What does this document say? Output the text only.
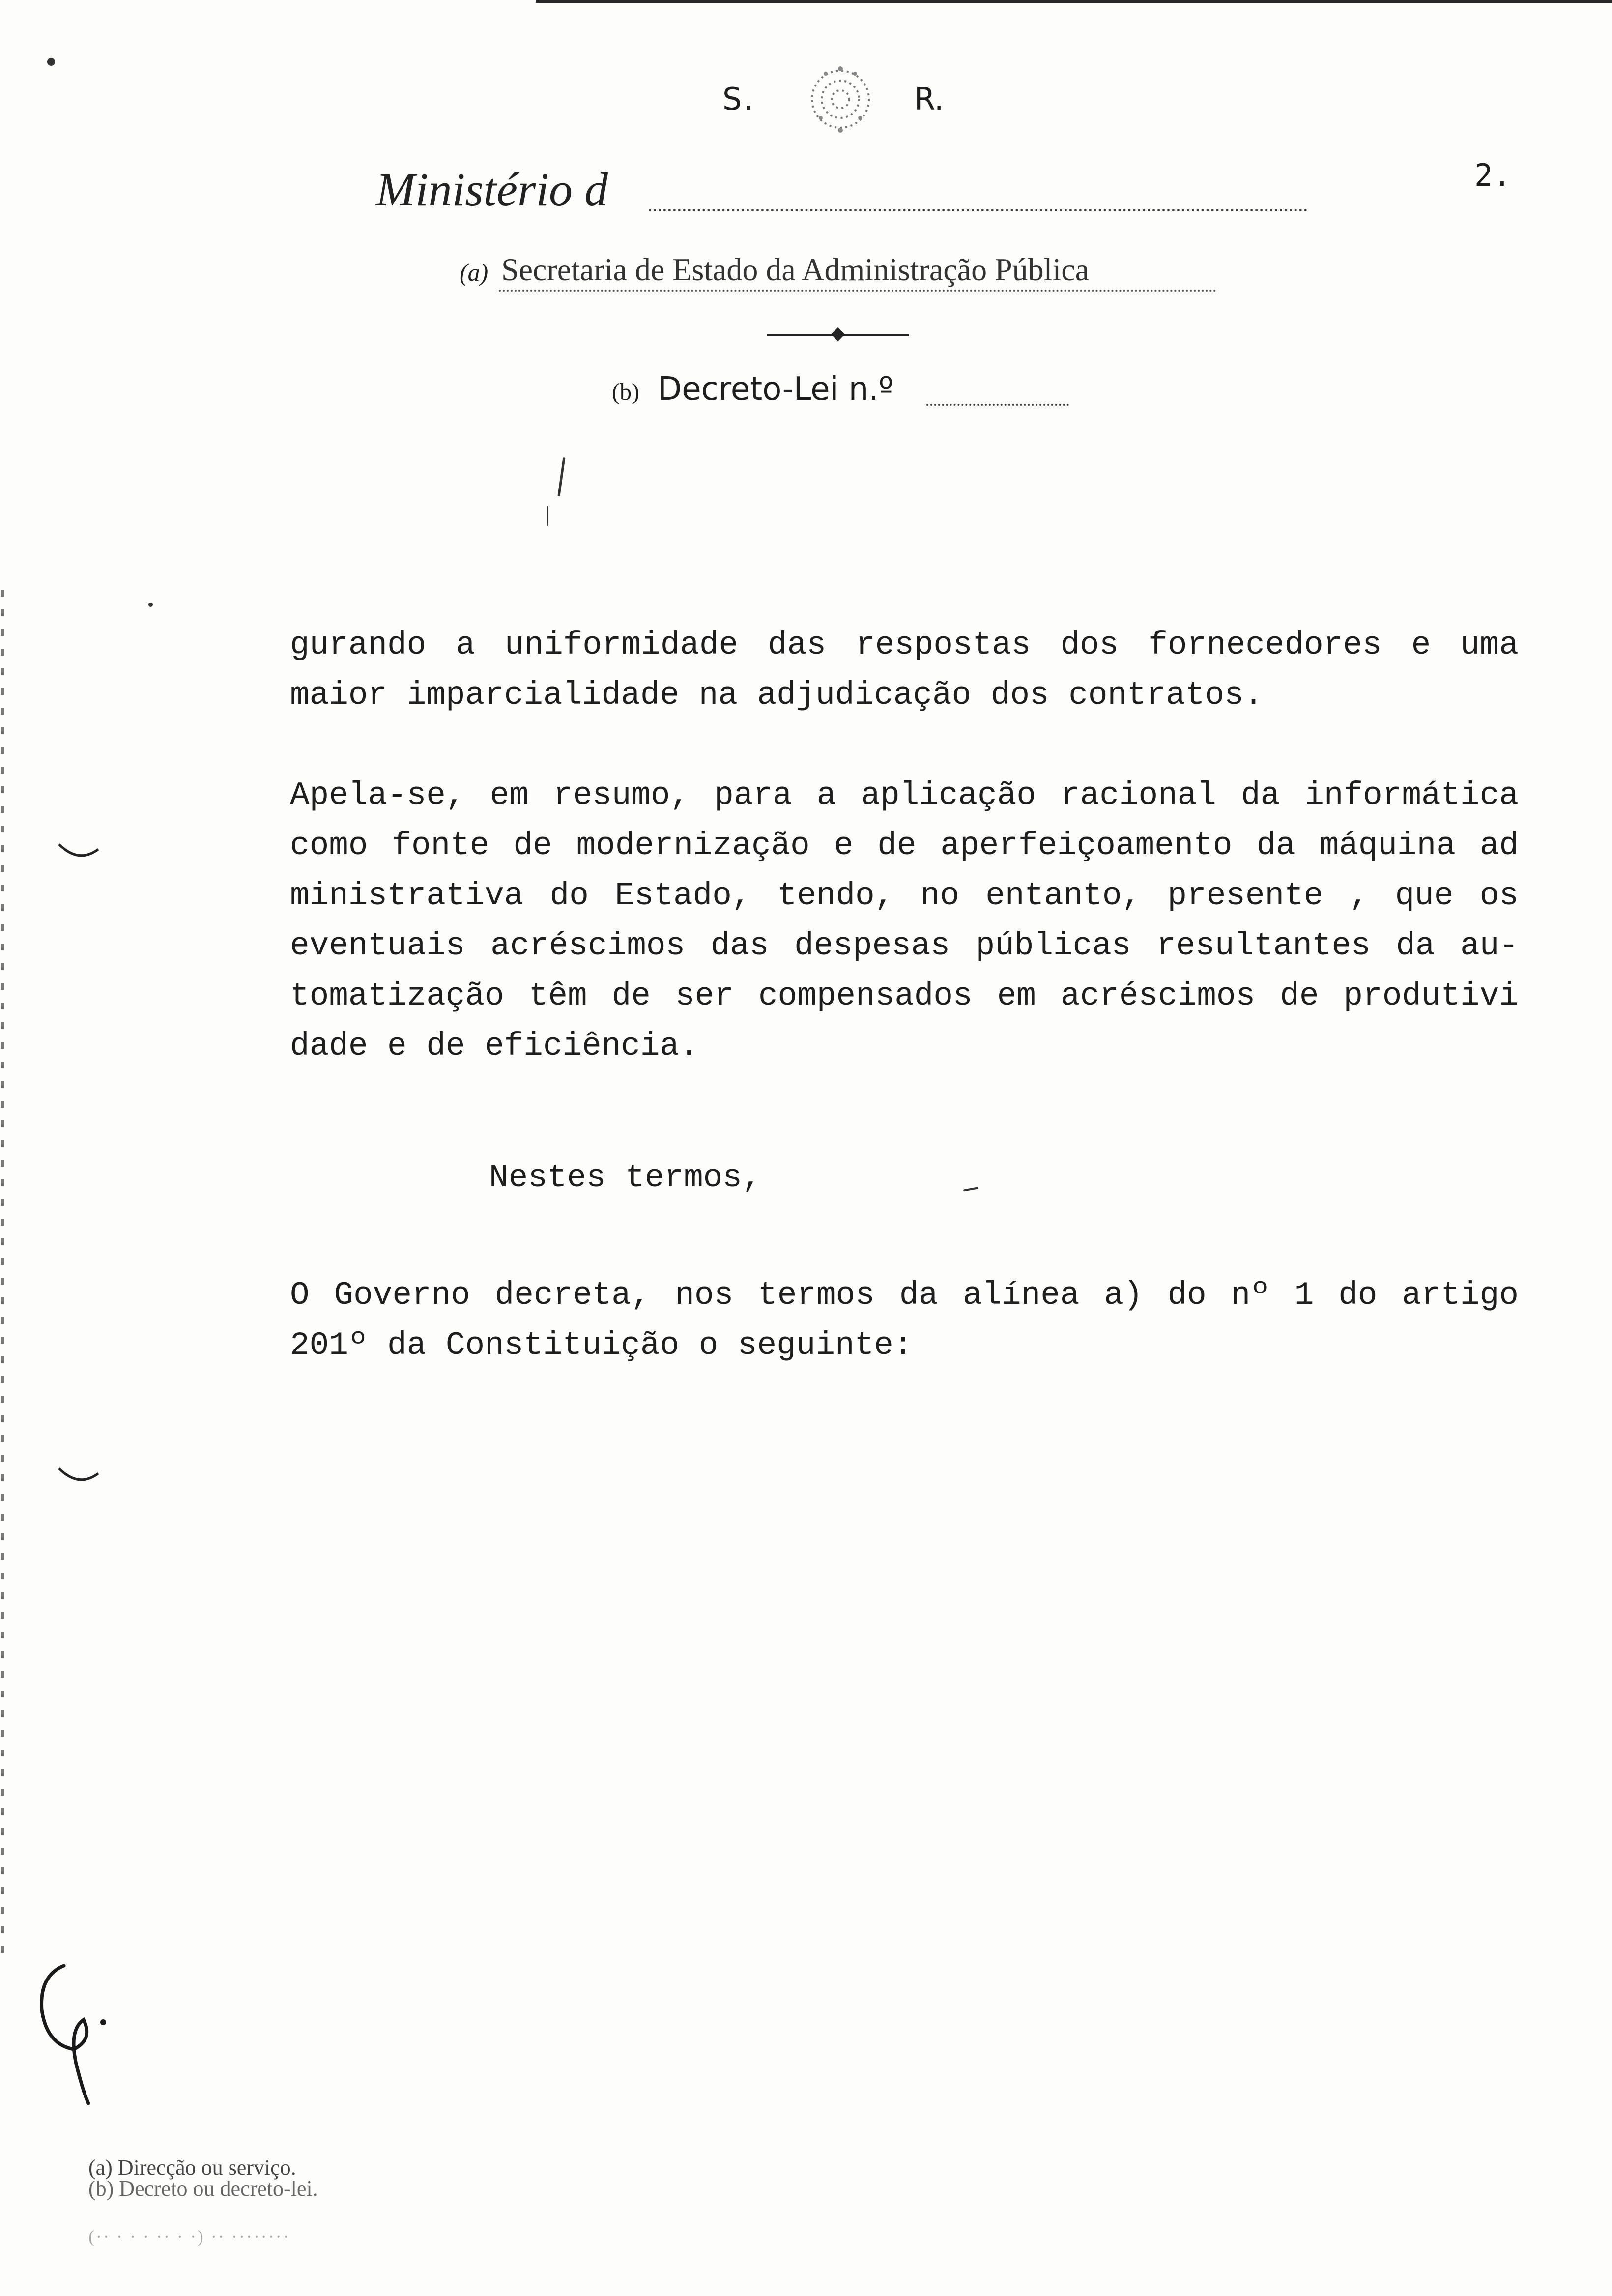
S.	R.
Ministério d	2.
(a) Secretaria de Estado da Administração Pública
(b) Decreto-Lei n.º
gurando a uniformidade das respostas dos fornecedores e uma
maior imparcialidade na adjudicação dos contratos.
Apela-se, em resumo, para a aplicação racional da informática
como fonte de modernização e de aperfeiçoamento da máquina ad
ministrativa do Estado, tendo, no entanto, presente , que os
eventuais acréscimos das despesas públicas resultantes da au-
tomatização têm de ser compensados em acréscimos de produtivi
dade e de eficiência.
Nestes termos,
O Governo decreta, nos termos da alínea a) do nº 1 do artigo
201º da Constituição o seguinte:
(a) Direcção ou serviço.
(b) Decreto ou decreto-lei.
(·· · · · ·· · ·) ·· ········
